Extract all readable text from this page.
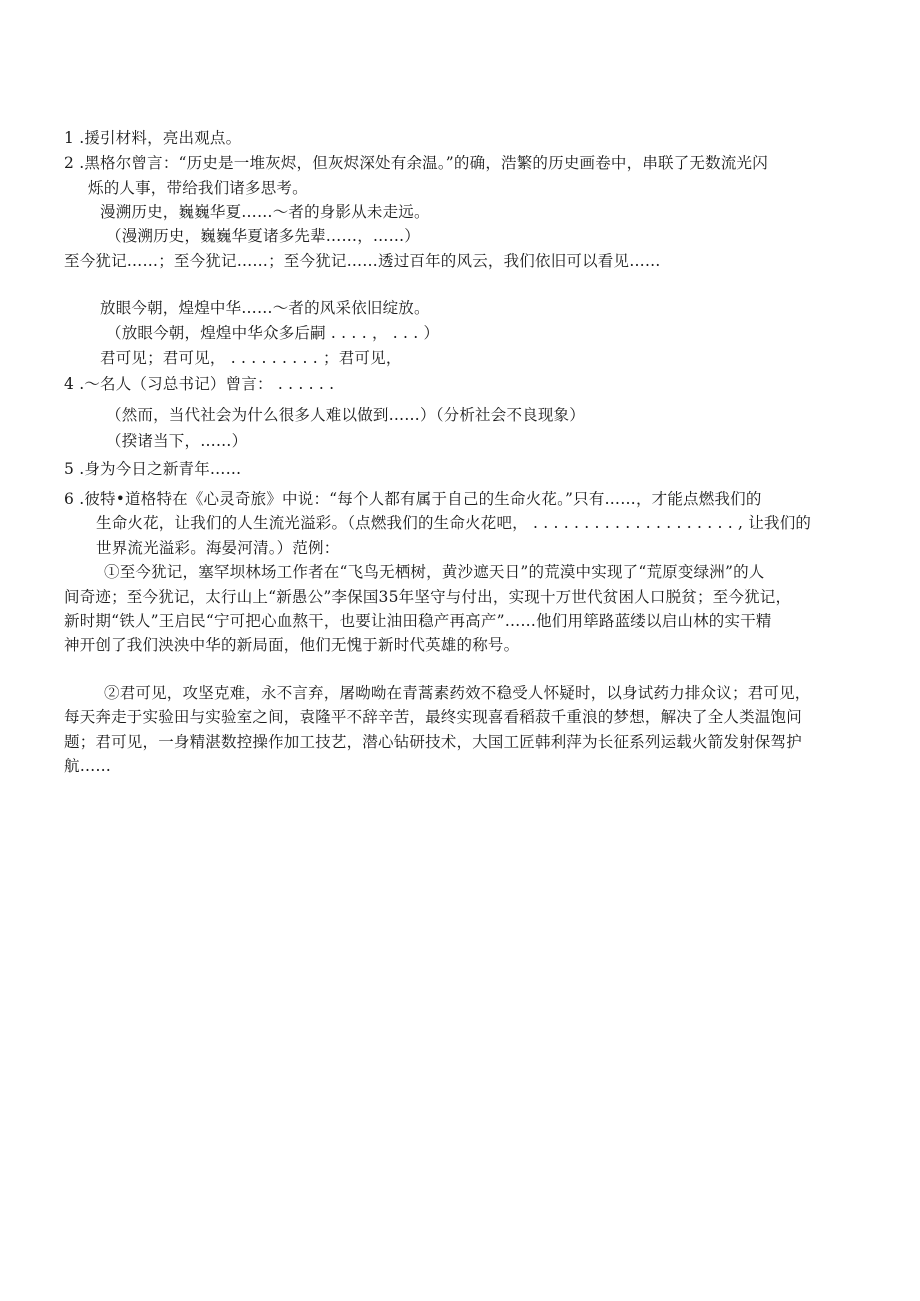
1 .援引材料，亮出观点。
2 .黑格尔曾言：“历史是一堆灰烬，但灰烬深处有余温。”的确，浩繁的历史画卷中，串联了无数流光闪
烁的人事，带给我们诸多思考。
漫溯历史，巍巍华夏……～者的身影从未走远。
（漫溯历史，巍巍华夏诸多先辈……，……）
至今犹记……；至今犹记……；至今犹记……透过百年的风云，我们依旧可以看见……
放眼今朝，煌煌中华……～者的风采依旧绽放。
（放眼今朝，煌煌中华众多后嗣 . . . . ， . . . ）
君可见；君可见， . . . . . . . . . ；君可见，
4 .～名人（习总书记）曾言： . . . . . .
（然而，当代社会为什么很多人难以做到……）（分析社会不良现象）
（揆诸当下，……）
5 .身为今日之新青年……
6 .彼特•道格特在《心灵奇旅》中说：“每个人都有属于自己的生命火花。”只有……，才能点燃我们的
生命火花，让我们的人生流光溢彩。（点燃我们的生命火花吧， . . . . . . . . . . . . . . . . . . . . , 让我们的
世界流光溢彩。海晏河清。）范例：
①至今犹记，塞罕坝林场工作者在“飞鸟无栖树，黄沙遮天日”的荒漠中实现了“荒原变绿洲”的人
间奇迹；至今犹记，太行山上“新愚公”李保国35年坚守与付出，实现十万世代贫困人口脱贫；至今犹记，
新时期“铁人”王启民“宁可把心血熬干，也要让油田稳产再高产”……他们用筚路蓝缕以启山林的实干精
神开创了我们泱泱中华的新局面，他们无愧于新时代英雄的称号。
②君可见，攻坚克难，永不言弃，屠呦呦在青蒿素药效不稳受人怀疑时，以身试药力排众议；君可见，
每天奔走于实验田与实验室之间，袁隆平不辞辛苦，最终实现喜看稻菽千重浪的梦想，解决了全人类温饱问
题；君可见，一身精湛数控操作加工技艺，潜心钻研技术，大国工匠韩利萍为长征系列运载火箭发射保驾护
航……
